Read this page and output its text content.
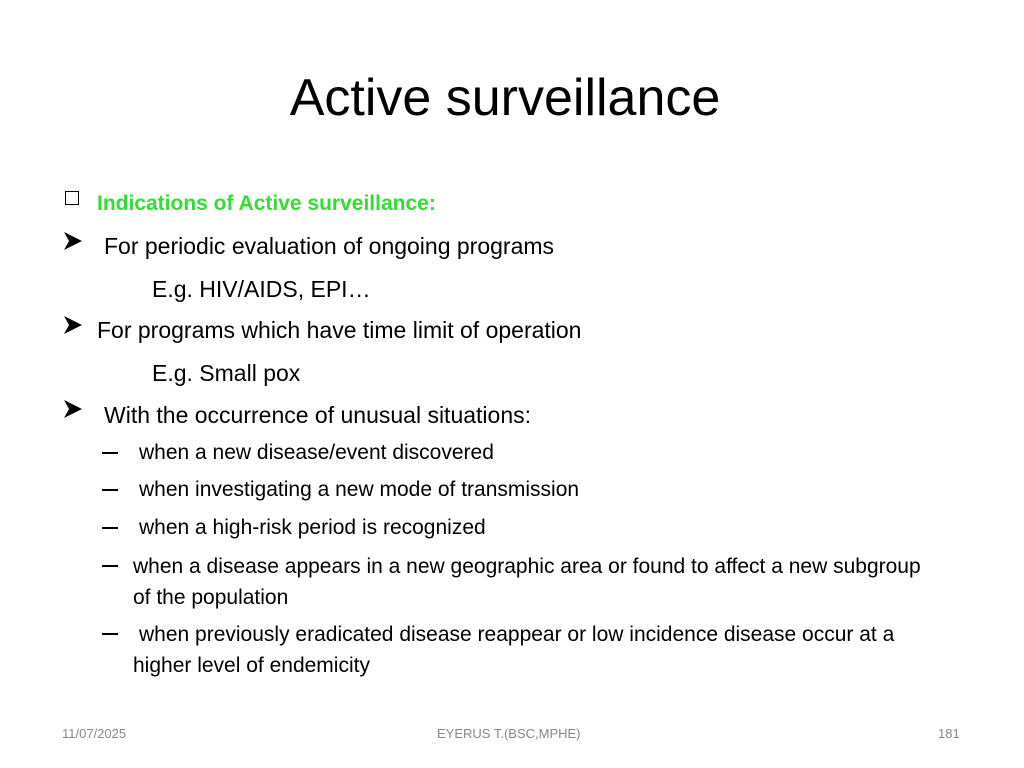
Active surveillance
Indications of Active surveillance:
For periodic evaluation of ongoing programs
E.g. HIV/AIDS, EPI…
For programs which have time limit of operation
E.g. Small pox
With the occurrence of unusual situations:
when a new disease/event discovered
when investigating a new mode of transmission
when a high-risk period is recognized
when a disease appears in a new geographic area or found to affect a new subgroup of the population
when previously eradicated disease reappear or low incidence disease occur at a higher level of endemicity
11/07/2025	EYERUS T.(BSC,MPHE)	181
